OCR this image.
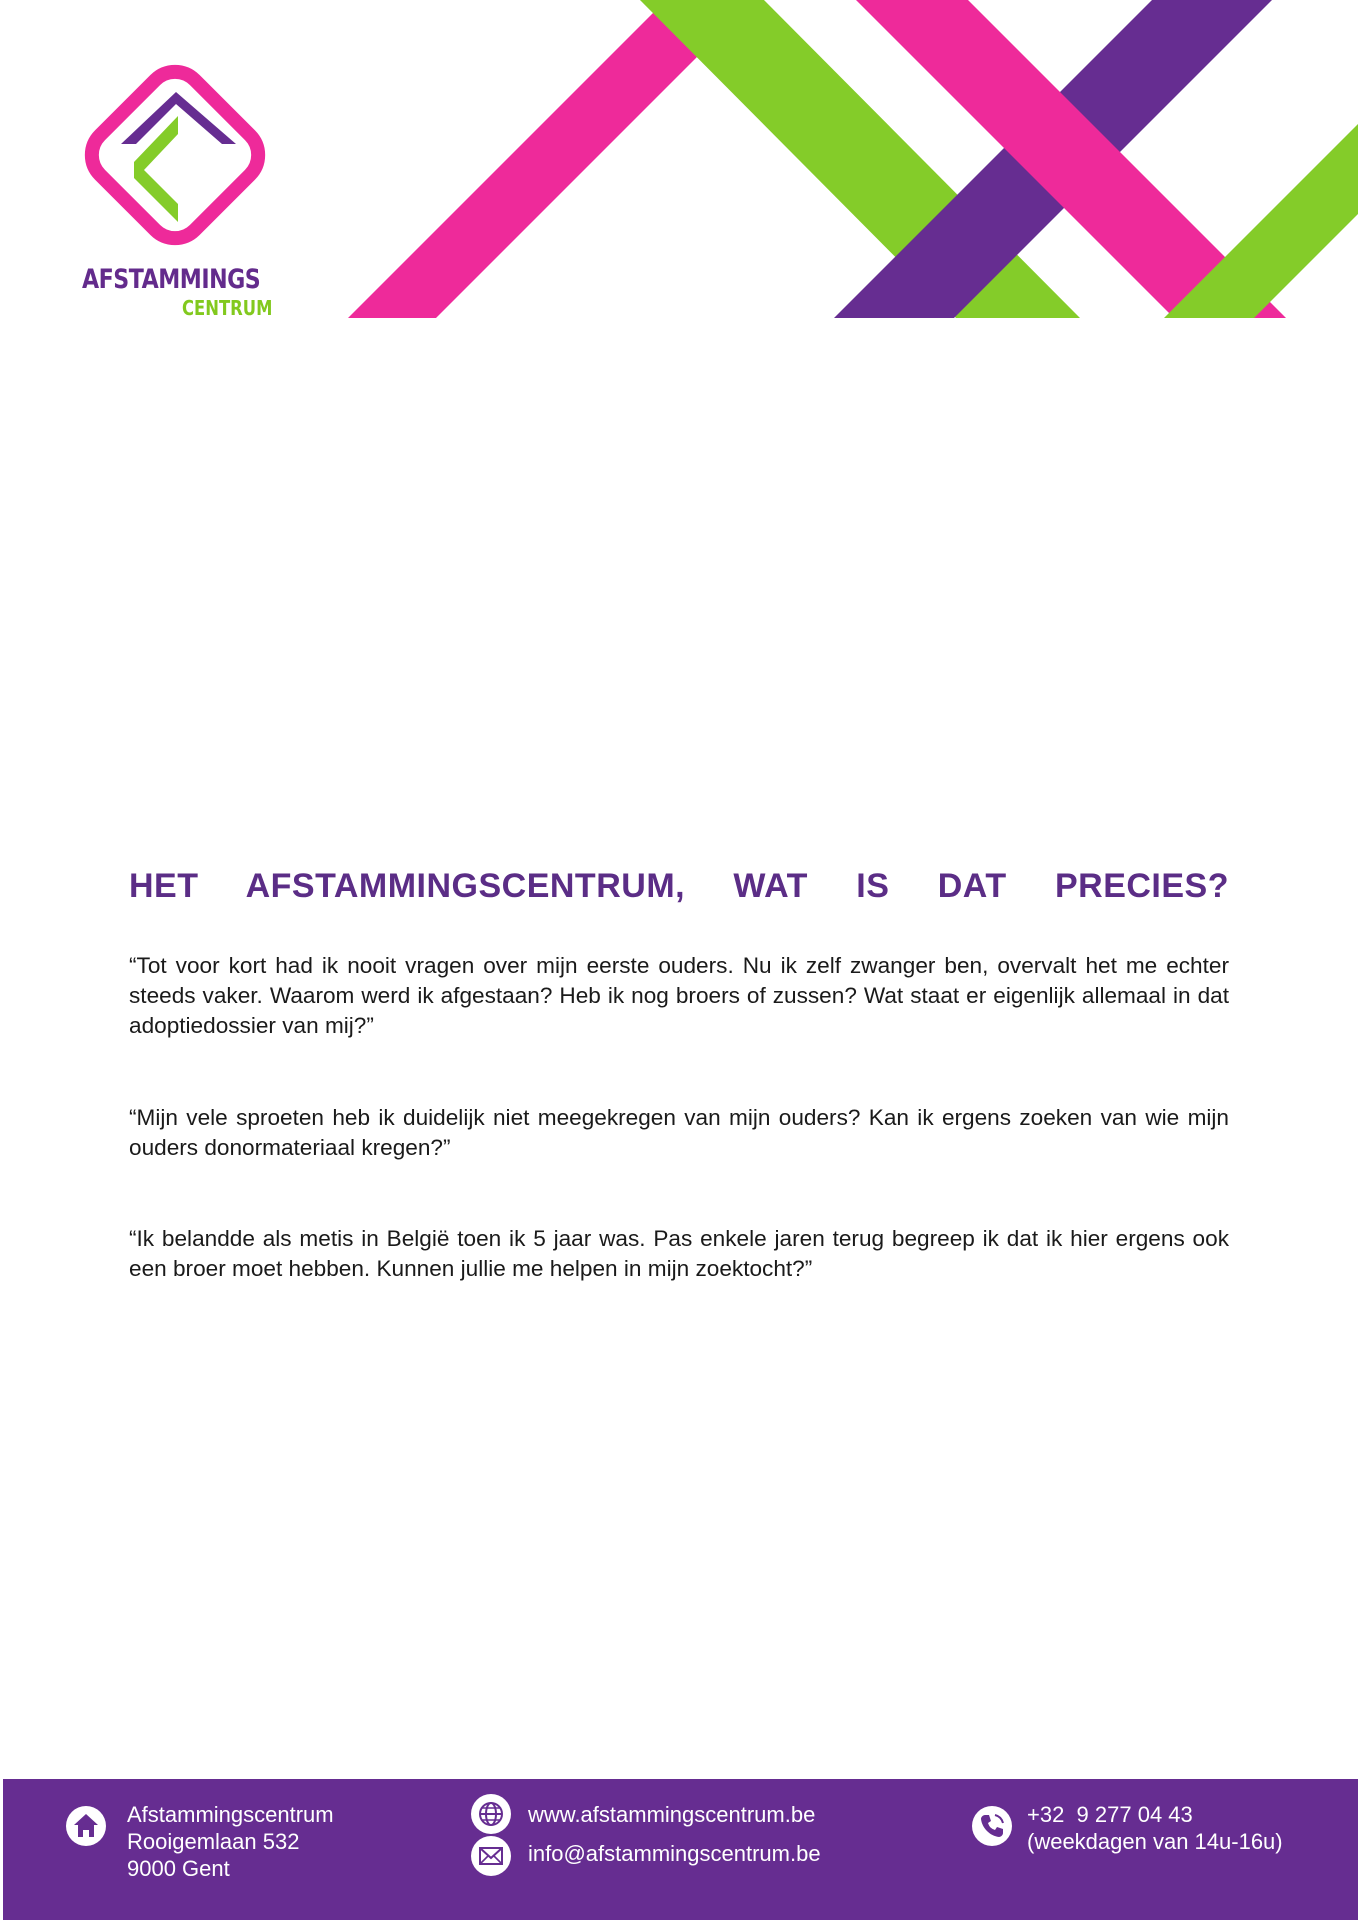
AFSTAMMINGS
CENTRUM
HET AFSTAMMINGSCENTRUM, WAT IS DAT PRECIES?

“Tot voor kort had ik nooit vragen over mijn eerste ouders. Nu ik zelf zwanger ben, overvalt het me echter steeds vaker. Waarom werd ik afgestaan? Heb ik nog broers of zussen? Wat staat er eigenlijk allemaal in dat adoptiedossier van mij?”

“Mijn vele sproeten heb ik duidelijk niet meegekregen van mijn ouders? Kan ik ergens zoeken van wie mijn ouders donormateriaal kregen?”

“Ik belandde als metis in België toen ik 5 jaar was. Pas enkele jaren terug begreep ik dat ik hier ergens ook een broer moet hebben. Kunnen jullie me helpen in mijn zoektocht?”

Afstammingscentrum
Rooigemlaan 532
9000 Gent
www.afstammingscentrum.be
info@afstammingscentrum.be
+32  9 277 04 43
(weekdagen van 14u-16u)
